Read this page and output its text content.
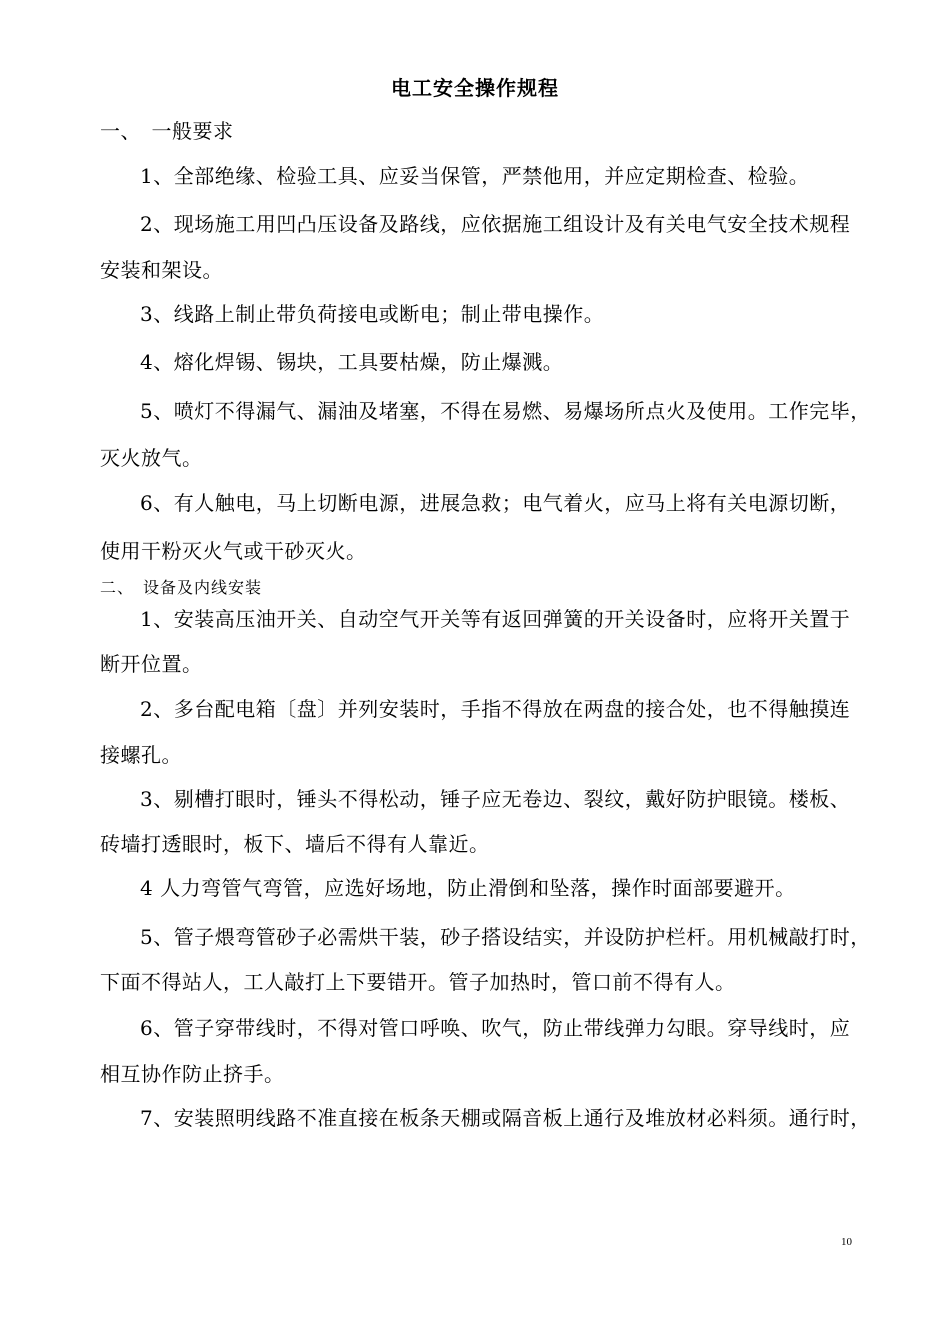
电工安全操作规程
一、　一般要求
1、全部绝缘、检验工具、应妥当保管，严禁他用，并应定期检查、检验。
2、现场施工用凹凸压设备及路线，应依据施工组设计及有关电气安全技术规程
安装和架设。
3、线路上制止带负荷接电或断电；制止带电操作。
4、熔化焊锡、锡块，工具要枯燥，防止爆溅。
5、喷灯不得漏气、漏油及堵塞，不得在易燃、易爆场所点火及使用。工作完毕，
灭火放气。
6、有人触电，马上切断电源，进展急救；电气着火，应马上将有关电源切断，
使用干粉灭火气或干砂灭火。
二、　设备及内线安装
1、安装高压油开关、自动空气开关等有返回弹簧的开关设备时，应将开关置于
断开位置。
2、多台配电箱〔盘〕并列安装时，手指不得放在两盘的接合处，也不得触摸连
接螺孔。
3、剔槽打眼时，锤头不得松动，锤子应无卷边、裂纹，戴好防护眼镜。楼板、
砖墙打透眼时，板下、墙后不得有人靠近。
4 人力弯管气弯管，应选好场地，防止滑倒和坠落，操作时面部要避开。
5、管子煨弯管砂子必需烘干装，砂子搭设结实，并设防护栏杆。用机械敲打时，
下面不得站人，工人敲打上下要错开。管子加热时，管口前不得有人。
6、管子穿带线时，不得对管口呼唤、吹气，防止带线弹力勾眼。穿导线时，应
相互协作防止挤手。
7、安装照明线路不准直接在板条天棚或隔音板上通行及堆放材必料须。通行时，
10
